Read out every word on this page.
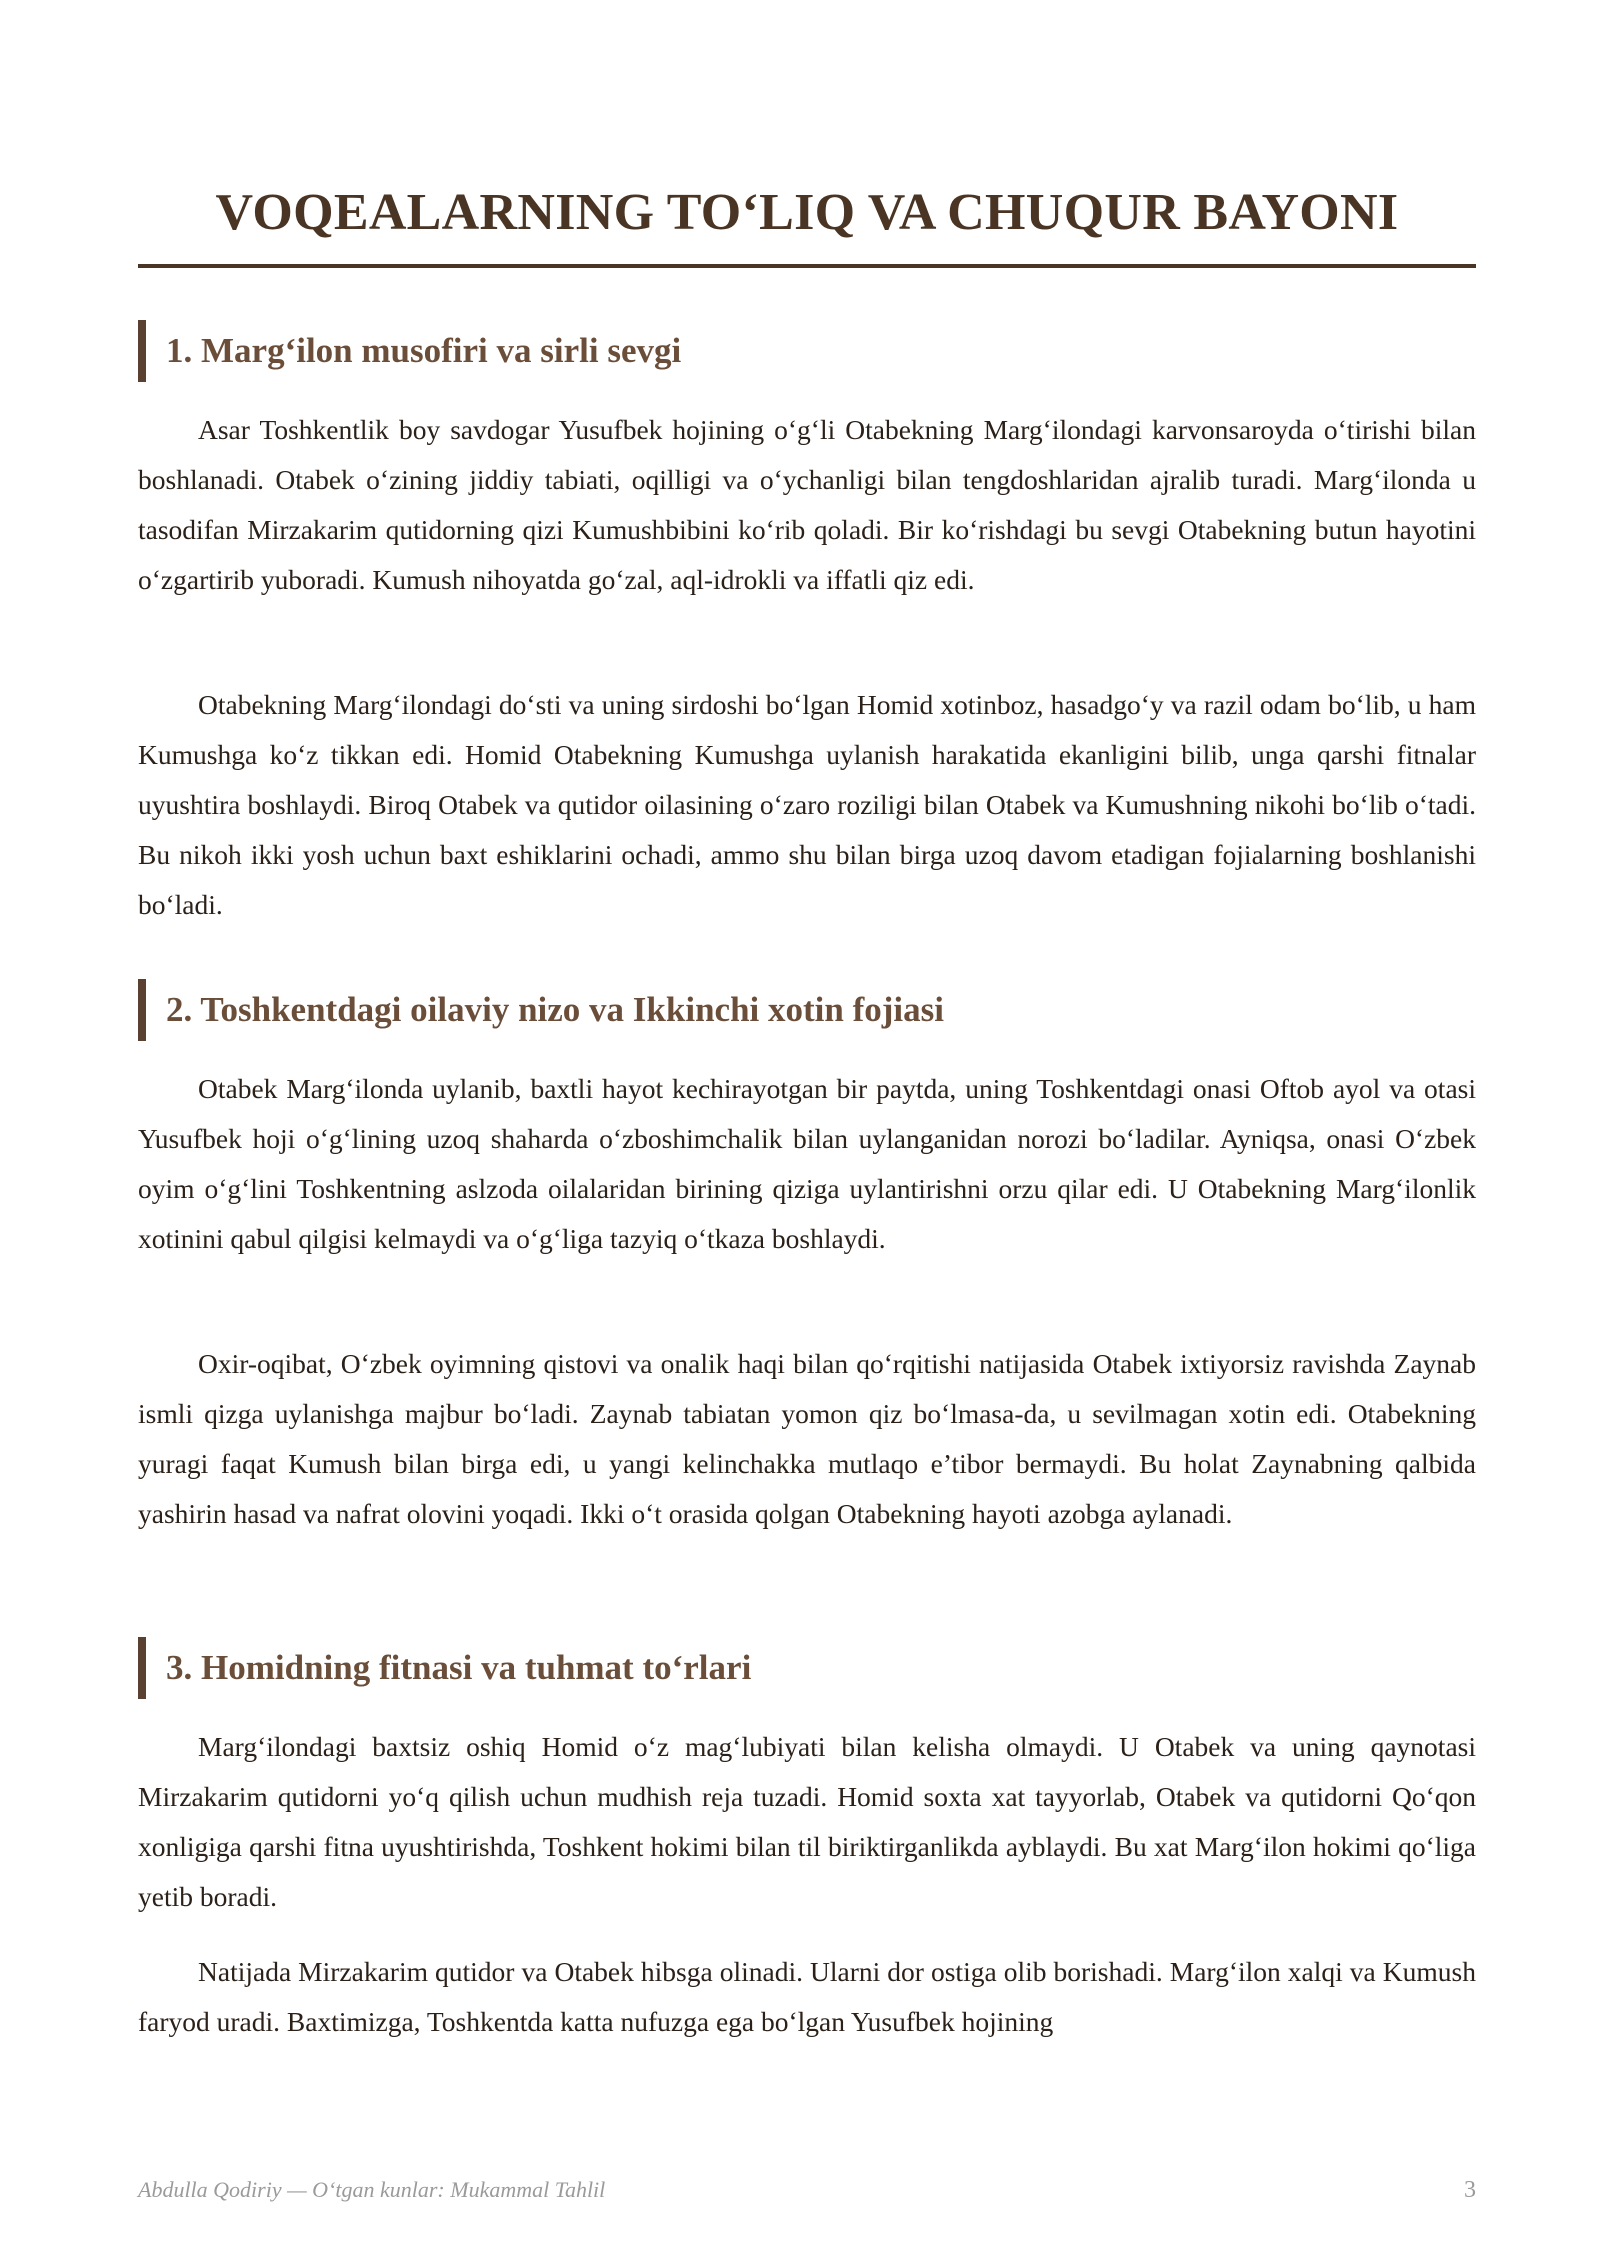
VOQEALARNING TO‘LIQ VA CHUQUR BAYONI
1. Marg‘ilon musofiri va sirli sevgi

Asar Toshkentlik boy savdogar Yusufbek hojining o‘g‘li Otabekning Marg‘ilondagi karvonsaroyda o‘tirishi bilan boshlanadi. Otabek o‘zining jiddiy tabiati, oqilligi va o‘ychanligi bilan tengdoshlaridan ajralib turadi. Marg‘ilonda u tasodifan Mirzakarim qutidorning qizi Kumushbibini ko‘rib qoladi. Bir ko‘rishdagi bu sevgi Otabekning butun hayotini o‘zgartirib yuboradi. Kumush nihoyatda go‘zal, aql-idrokli va iffatli qiz edi.

Otabekning Marg‘ilondagi do‘sti va uning sirdoshi bo‘lgan Homid xotinboz, hasadgo‘y va razil odam bo‘lib, u ham Kumushga ko‘z tikkan edi. Homid Otabekning Kumushga uylanish harakatida ekanligini bilib, unga qarshi fitnalar uyushtira boshlaydi. Biroq Otabek va qutidor oilasining o‘zaro roziligi bilan Otabek va Kumushning nikohi bo‘lib o‘tadi. Bu nikoh ikki yosh uchun baxt eshiklarini ochadi, ammo shu bilan birga uzoq davom etadigan fojialarning boshlanishi bo‘ladi.

2. Toshkentdagi oilaviy nizo va Ikkinchi xotin fojiasi

Otabek Marg‘ilonda uylanib, baxtli hayot kechirayotgan bir paytda, uning Toshkentdagi onasi Oftob ayol va otasi Yusufbek hoji o‘g‘lining uzoq shaharda o‘zboshimchalik bilan uylanganidan norozi bo‘ladilar. Ayniqsa, onasi O‘zbek oyim o‘g‘lini Toshkentning aslzoda oilalaridan birining qiziga uylantirishni orzu qilar edi. U Otabekning Marg‘ilonlik xotinini qabul qilgisi kelmaydi va o‘g‘liga tazyiq o‘tkaza boshlaydi.

Oxir-oqibat, O‘zbek oyimning qistovi va onalik haqi bilan qo‘rqitishi natijasida Otabek ixtiyorsiz ravishda Zaynab ismli qizga uylanishga majbur bo‘ladi. Zaynab tabiatan yomon qiz bo‘lmasa-da, u sevilmagan xotin edi. Otabekning yuragi faqat Kumush bilan birga edi, u yangi kelinchakka mutlaqo e’tibor bermaydi. Bu holat Zaynabning qalbida yashirin hasad va nafrat olovini yoqadi. Ikki o‘t orasida qolgan Otabekning hayoti azobga aylanadi.

3. Homidning fitnasi va tuhmat to‘rlari

Marg‘ilondagi baxtsiz oshiq Homid o‘z mag‘lubiyati bilan kelisha olmaydi. U Otabek va uning qaynotasi Mirzakarim qutidorni yo‘q qilish uchun mudhish reja tuzadi. Homid soxta xat tayyorlab, Otabek va qutidorni Qo‘qon xonligiga qarshi fitna uyushtirishda, Toshkent hokimi bilan til biriktirganlikda ayblaydi. Bu xat Marg‘ilon hokimi qo‘liga yetib boradi.

Natijada Mirzakarim qutidor va Otabek hibsga olinadi. Ularni dor ostiga olib borishadi. Marg‘ilon xalqi va Kumush faryod uradi. Baxtimizga, Toshkentda katta nufuzga ega bo‘lgan Yusufbek hojining

Abdulla Qodiriy — O‘tgan kunlar: Mukammal Tahlil	3
